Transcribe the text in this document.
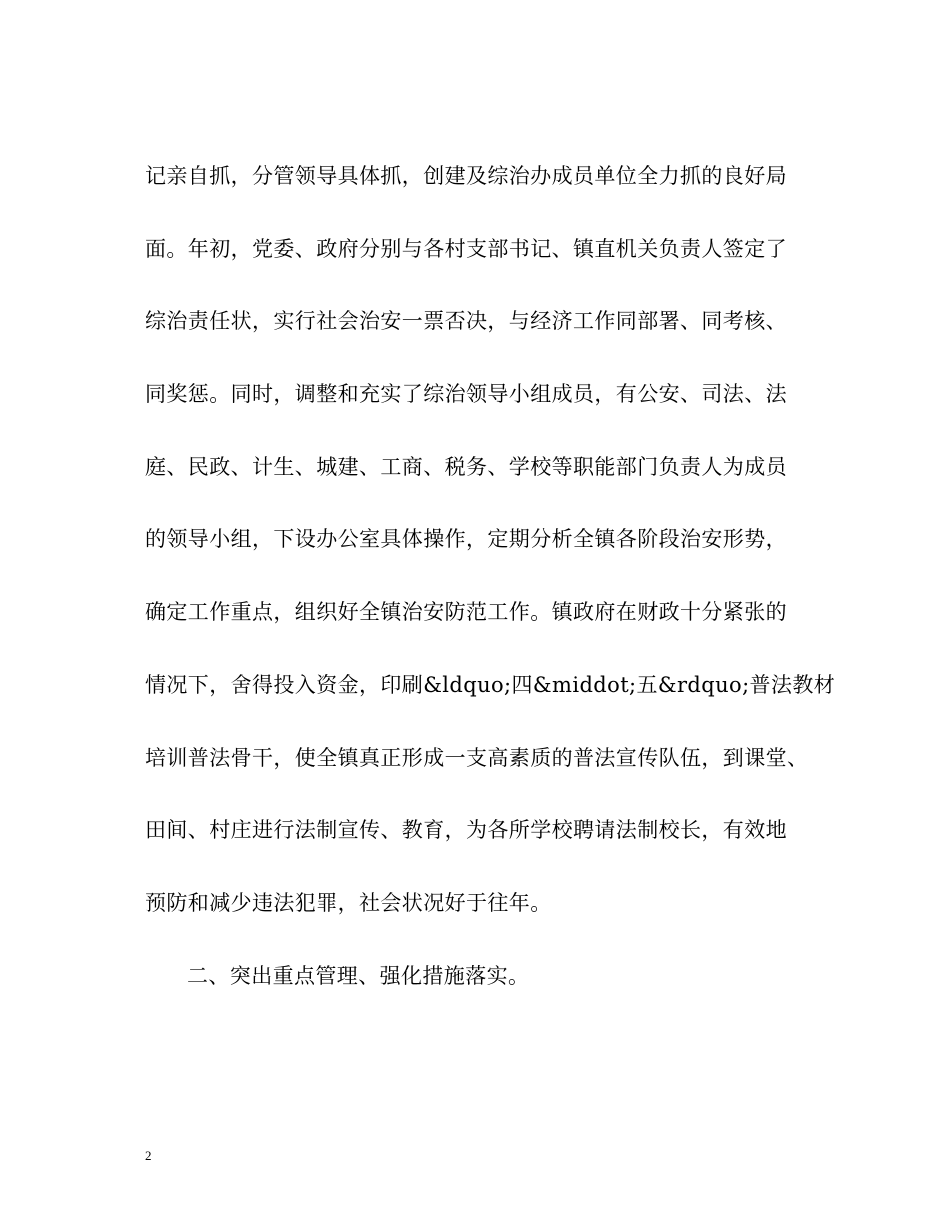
记亲自抓，分管领导具体抓，创建及综治办成员单位全力抓的良好局
面。年初，党委、政府分别与各村支部书记、镇直机关负责人签定了
综治责任状，实行社会治安一票否决，与经济工作同部署、同考核、
同奖惩。同时，调整和充实了综治领导小组成员，有公安、司法、法
庭、民政、计生、城建、工商、税务、学校等职能部门负责人为成员
的领导小组，下设办公室具体操作，定期分析全镇各阶段治安形势，
确定工作重点，组织好全镇治安防范工作。镇政府在财政十分紧张的
情况下，舍得投入资金，印刷&ldquo;四&middot;五&rdquo;普法教材
培训普法骨干，使全镇真正形成一支高素质的普法宣传队伍，到课堂、
田间、村庄进行法制宣传、教育，为各所学校聘请法制校长，有效地
预防和减少违法犯罪，社会状况好于往年。
二、突出重点管理、强化措施落实。
2
